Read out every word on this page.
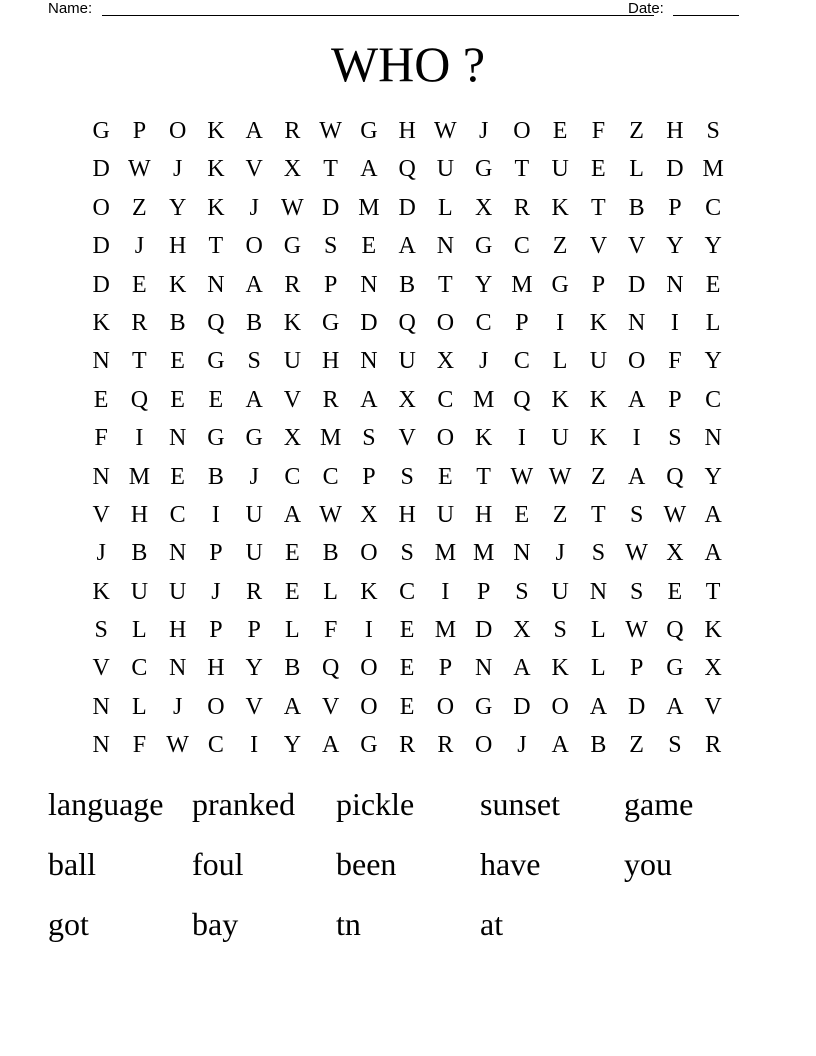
Name:	Date:
WHO ?
G P O K A R W G H W J	O E	F	Z H S
D W J	K V X T A Q U G T U E L D M
O Z Y K	J W D M D L X R K T B P C
D	J	H T O G S	E A N G C Z V V Y Y
D E K N A R P N B T Y M G P D N E
K R B Q B K G D Q O C P	I	K N	I	L
N T E G S U H N U X	J	C L U O F Y
E Q E E A V R A X C M Q K K A P C
F	I	N G G X M S V O K	I	U K	I	S N
N M E B	J	C C P	S	E T W W Z A Q Y
V H C	I	U A W X H U H E Z T	S W A
J	B N P U E B O S M M N	J	S W X A
K U U	J	R E L K C	I	P	S U N S	E T
S	L H P	P	L	F	I	E M D X S	L W Q K
V C N H Y B Q O E	P N A K L	P G X
N L	J	O V A V O E O G D O A D A V
N F W C	I	Y A G R R O	J	A B Z	S R
language pranked	pickle	sunset	game
ball	foul	been	have	you
got	bay	tn	at
